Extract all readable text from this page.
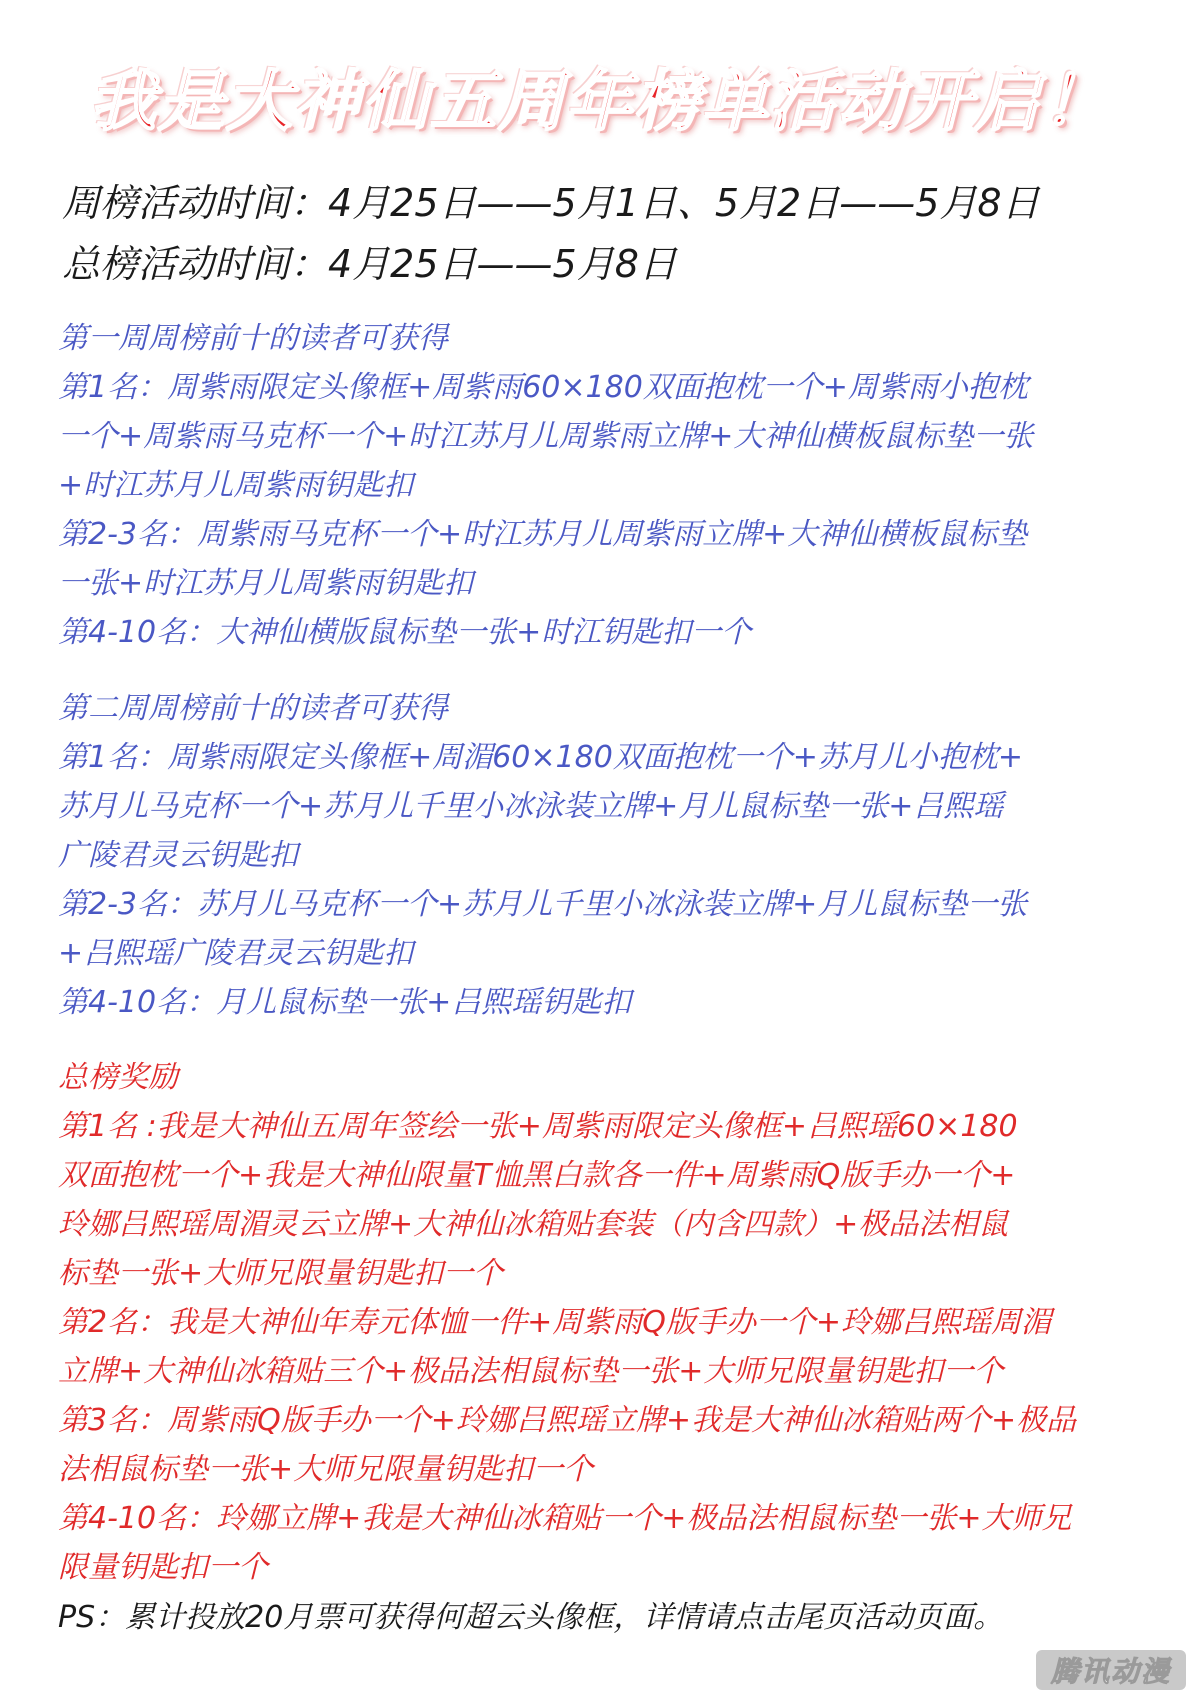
我是大神仙五周年榜单活动开启！
周榜活动时间：4月25日——5月1日、5月2日——5月8日
总榜活动时间：4月25日——5月8日
第一周周榜前十的读者可获得
第1名：周紫雨限定头像框+周紫雨60×180双面抱枕一个+周紫雨小抱枕
一个+周紫雨马克杯一个+时江苏月儿周紫雨立牌+大神仙横板鼠标垫一张
+时江苏月儿周紫雨钥匙扣
第2-3名：周紫雨马克杯一个+时江苏月儿周紫雨立牌+大神仙横板鼠标垫
一张+时江苏月儿周紫雨钥匙扣
第4-10名：大神仙横版鼠标垫一张+时江钥匙扣一个
第二周周榜前十的读者可获得
第1名：周紫雨限定头像框+周湄60×180双面抱枕一个+苏月儿小抱枕+
苏月儿马克杯一个+苏月儿千里小冰泳装立牌+月儿鼠标垫一张+吕熙瑶
广陵君灵云钥匙扣
第2-3名：苏月儿马克杯一个+苏月儿千里小冰泳装立牌+月儿鼠标垫一张
+吕熙瑶广陵君灵云钥匙扣
第4-10名：月儿鼠标垫一张+吕熙瑶钥匙扣
总榜奖励
第1名 :我是大神仙五周年签绘一张+周紫雨限定头像框+吕熙瑶60×180
双面抱枕一个+我是大神仙限量T恤黑白款各一件+周紫雨Q版手办一个+
玲娜吕熙瑶周湄灵云立牌+大神仙冰箱贴套装（内含四款）+极品法相鼠
标垫一张+大师兄限量钥匙扣一个
第2名：我是大神仙年寿元体恤一件+周紫雨Q版手办一个+玲娜吕熙瑶周湄
立牌+大神仙冰箱贴三个+极品法相鼠标垫一张+大师兄限量钥匙扣一个
第3名：周紫雨Q版手办一个+玲娜吕熙瑶立牌+我是大神仙冰箱贴两个+极品
法相鼠标垫一张+大师兄限量钥匙扣一个
第4-10名：玲娜立牌+我是大神仙冰箱贴一个+极品法相鼠标垫一张+大师兄
限量钥匙扣一个
PS：累计投放20月票可获得何超云头像框，详情请点击尾页活动页面。
腾讯动漫
